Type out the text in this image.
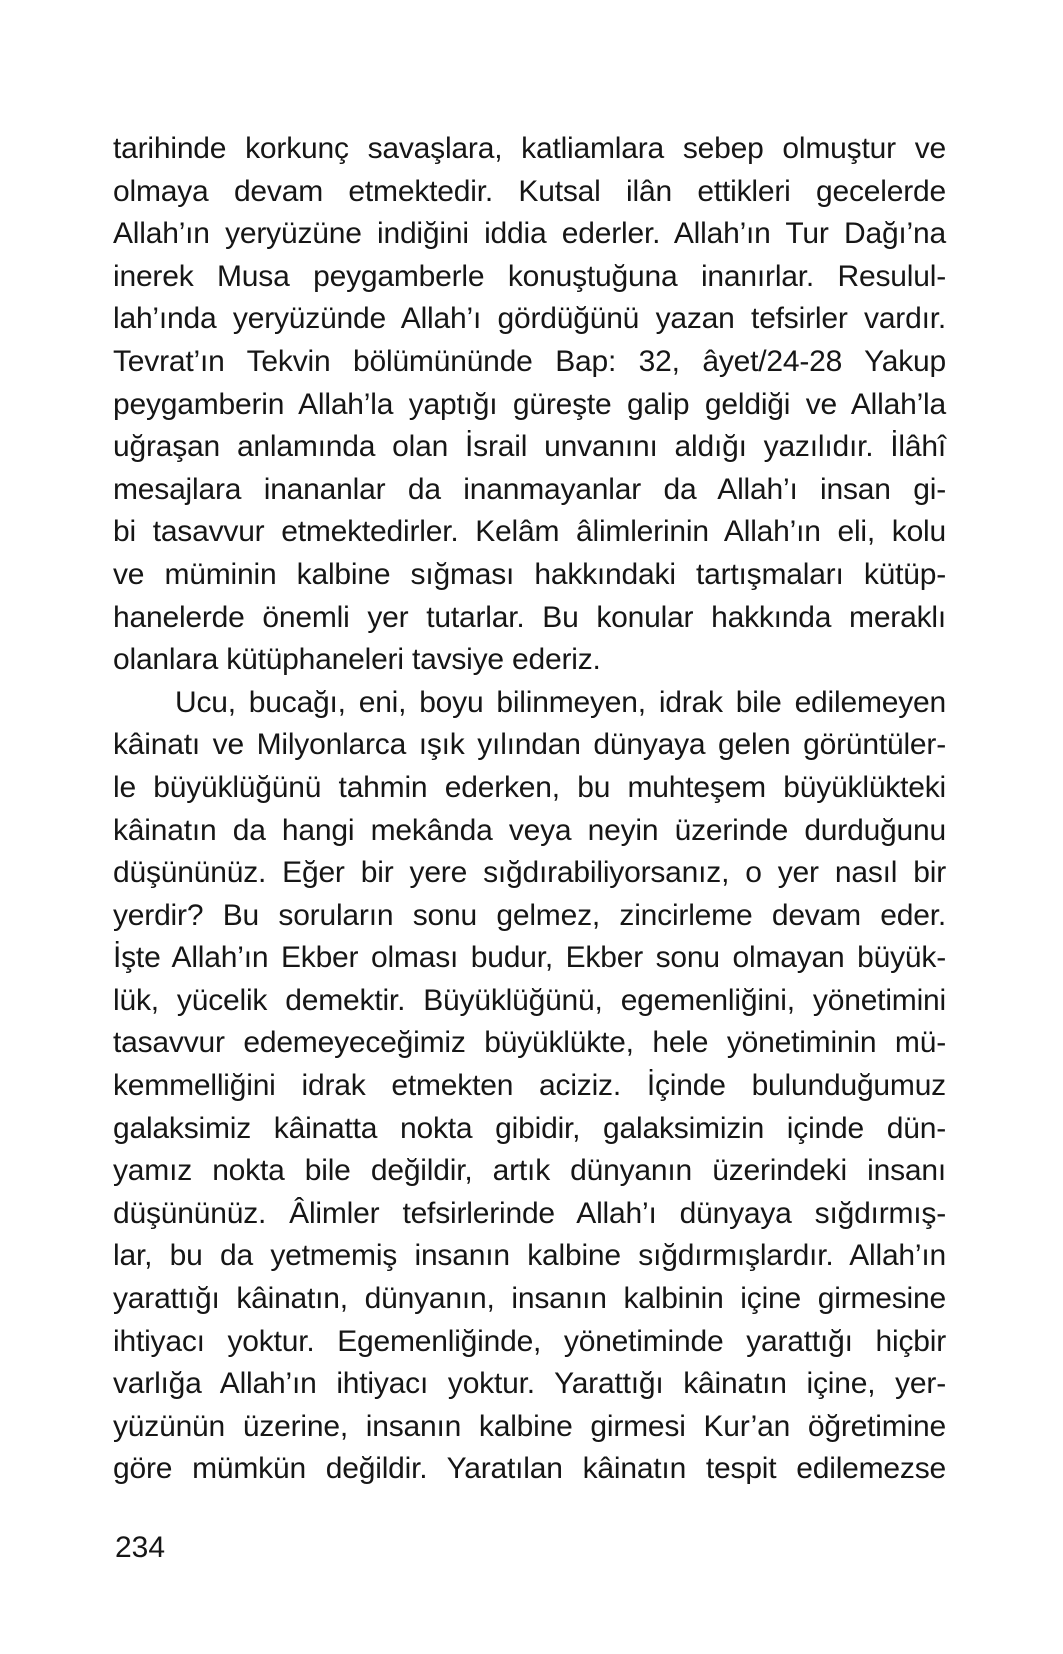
tarihinde korkunç savaşlara, katliamlara sebep olmuştur ve
olmaya devam etmektedir. Kutsal ilân ettikleri gecelerde
Allah’ın yeryüzüne indiğini iddia ederler. Allah’ın Tur Dağı’na
inerek Musa peygamberle konuştuğuna inanırlar. Resulul-
lah’ında yeryüzünde Allah’ı gördüğünü yazan tefsirler vardır.
Tevrat’ın Tekvin bölümününde Bap: 32, âyet/24-28 Yakup
peygamberin Allah’la yaptığı güreşte galip geldiği ve Allah’la
uğraşan anlamında olan İsrail unvanını aldığı yazılıdır. İlâhî
mesajlara inananlar da inanmayanlar da Allah’ı insan gi-
bi tasavvur etmektedirler. Kelâm âlimlerinin Allah’ın eli, kolu
ve müminin kalbine sığması hakkındaki tartışmaları kütüp-
hanelerde önemli yer tutarlar. Bu konular hakkında meraklı
olanlara kütüphaneleri tavsiye ederiz.
Ucu, bucağı, eni, boyu bilinmeyen, idrak bile edilemeyen
kâinatı ve Milyonlarca ışık yılından dünyaya gelen görüntüler-
le büyüklüğünü tahmin ederken, bu muhteşem büyüklükteki
kâinatın da hangi mekânda veya neyin üzerinde durduğunu
düşününüz. Eğer bir yere sığdırabiliyorsanız, o yer nasıl bir
yerdir? Bu soruların sonu gelmez, zincirleme devam eder.
İşte Allah’ın Ekber olması budur, Ekber sonu olmayan büyük-
lük, yücelik demektir. Büyüklüğünü, egemenliğini, yönetimini
tasavvur edemeyeceğimiz büyüklükte, hele yönetiminin mü-
kemmelliğini idrak etmekten aciziz. İçinde bulunduğumuz
galaksimiz kâinatta nokta gibidir, galaksimizin içinde dün-
yamız nokta bile değildir, artık dünyanın üzerindeki insanı
düşününüz. Âlimler tefsirlerinde Allah’ı dünyaya sığdırmış-
lar, bu da yetmemiş insanın kalbine sığdırmışlardır. Allah’ın
yarattığı kâinatın, dünyanın, insanın kalbinin içine girmesine
ihtiyacı yoktur. Egemenliğinde, yönetiminde yarattığı hiçbir
varlığa Allah’ın ihtiyacı yoktur. Yarattığı kâinatın içine, yer-
yüzünün üzerine, insanın kalbine girmesi Kur’an öğretimine
göre mümkün değildir. Yaratılan kâinatın tespit edilemezse
234
